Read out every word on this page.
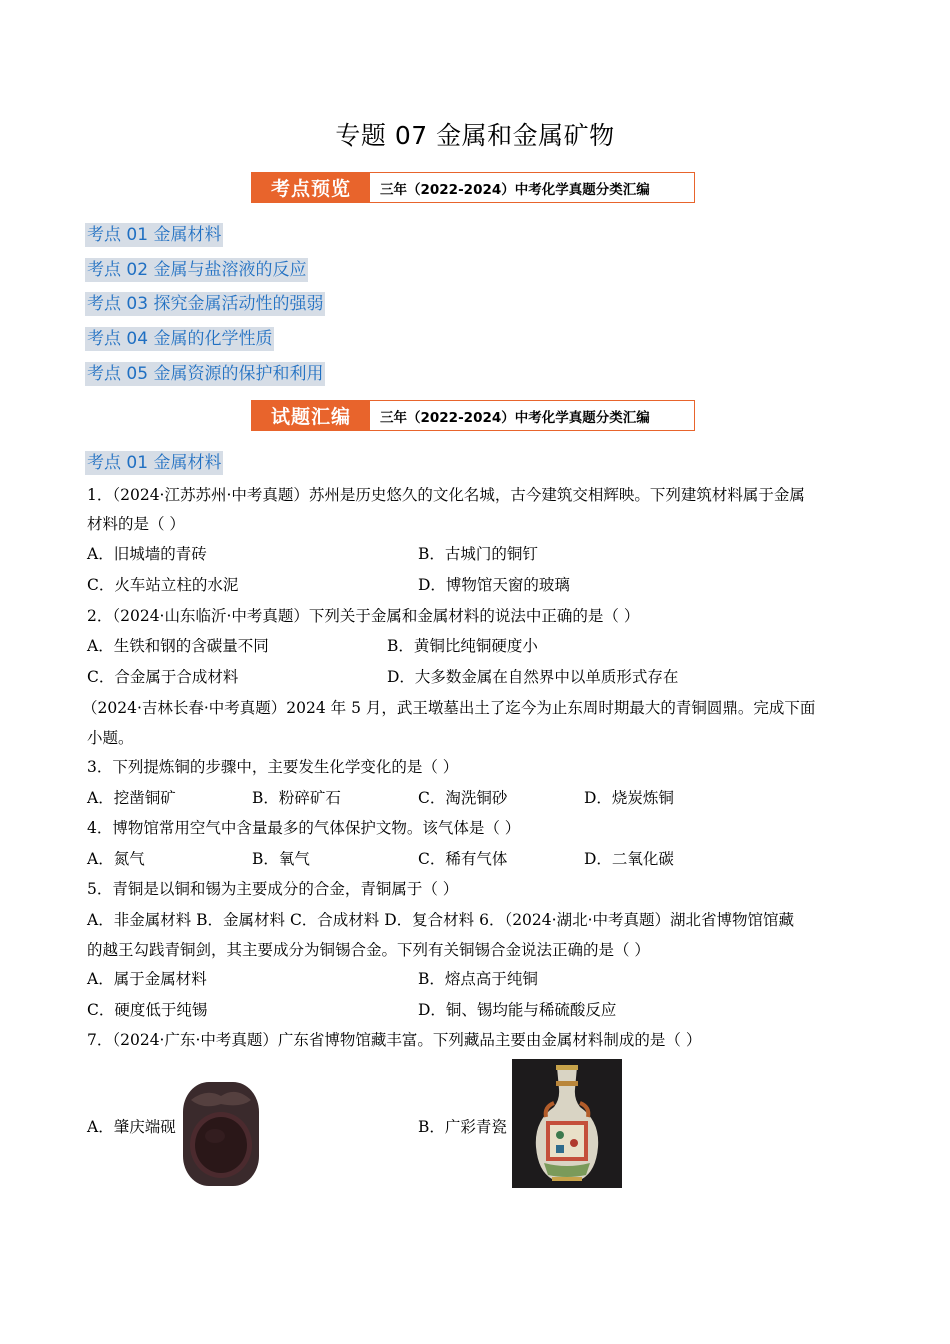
专题 07 金属和金属矿物
考点预览	三年（2022-2024）中考化学真题分类汇编
考点 01 金属材料
考点 02 金属与盐溶液的反应
考点 03 探究金属活动性的强弱
考点 04 金属的化学性质
考点 05 金属资源的保护和利用
试题汇编	三年（2022-2024）中考化学真题分类汇编
考点 01 金属材料
1．（2024·江苏苏州·中考真题）苏州是历史悠久的文化名城，古今建筑交相辉映。下列建筑材料属于金属
材料的是（ ）
A．旧城墙的青砖	B．古城门的铜钉
C．火车站立柱的水泥	D．博物馆天窗的玻璃
2．（2024·山东临沂·中考真题）下列关于金属和金属材料的说法中正确的是（ ）
A．生铁和钢的含碳量不同	B．黄铜比纯铜硬度小
C．合金属于合成材料	D．大多数金属在自然界中以单质形式存在
（2024·吉林长春·中考真题）2024 年 5 月，武王墩墓出土了迄今为止东周时期最大的青铜圆鼎。完成下面
小题。
3．下列提炼铜的步骤中，主要发生化学变化的是（ ）
A．挖凿铜矿	B．粉碎矿石	C．淘洗铜砂	D．烧炭炼铜
4．博物馆常用空气中含量最多的气体保护文物。该气体是（ ）
A．氮气	B．氧气	C．稀有气体	D．二氧化碳
5．青铜是以铜和锡为主要成分的合金，青铜属于（ ）
A．非金属材料 B．金属材料 C．合成材料 D．复合材料 6．（2024·湖北·中考真题）湖北省博物馆馆藏
的越王勾践青铜剑，其主要成分为铜锡合金。下列有关铜锡合金说法正确的是（ ）
A．属于金属材料	B．熔点高于纯铜
C．硬度低于纯锡	D．铜、锡均能与稀硫酸反应
7．（2024·广东·中考真题）广东省博物馆藏丰富。下列藏品主要由金属材料制成的是（ ）
A．肇庆端砚	B．广彩青瓷
